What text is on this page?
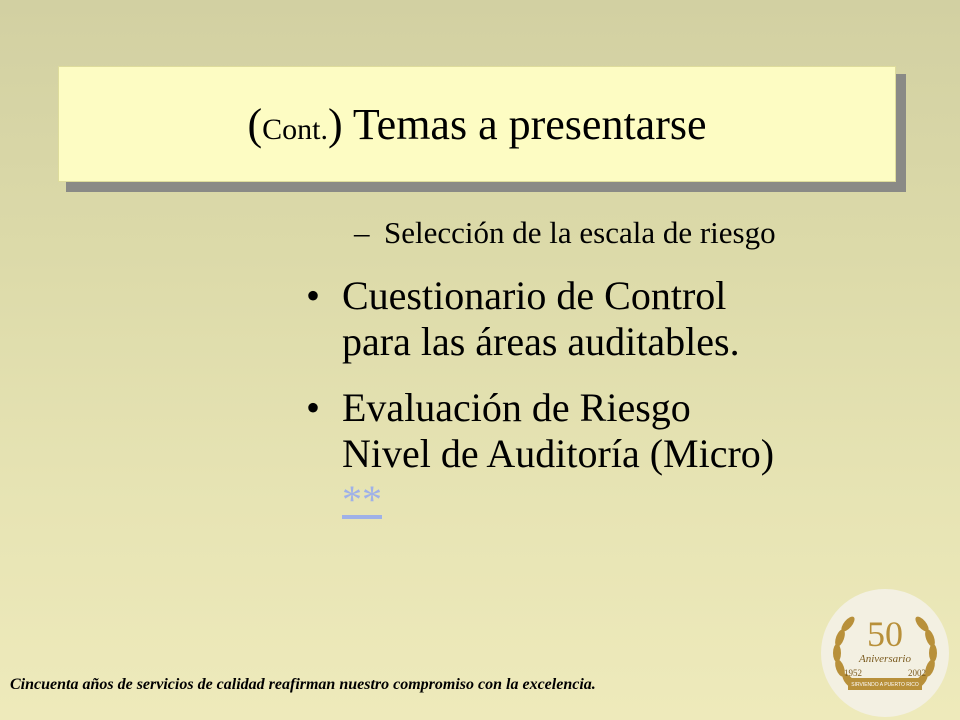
(Cont.) Temas a presentarse
– Selección de la escala de riesgo
• Cuestionario de Control para las áreas auditables.
• Evaluación de Riesgo Nivel de Auditoría (Micro) **
Cincuenta años de servicios de calidad reafirman nuestro compromiso con la excelencia.
50
Aniversario
SIRVIENDO A PUERTO RICO
1952	2002
